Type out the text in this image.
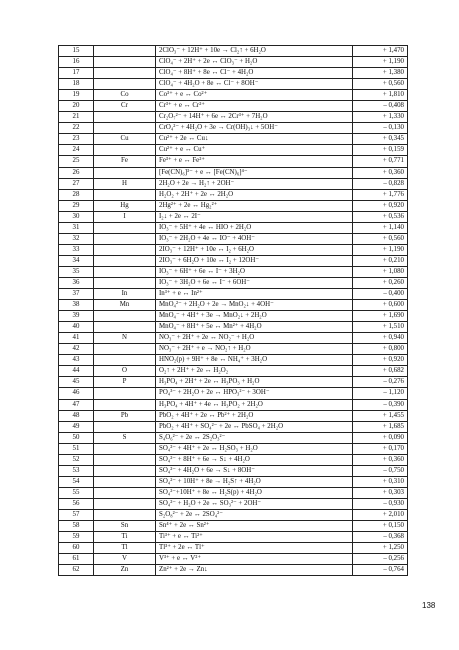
15		2ClO₃⁻ + 12H⁺ + 10e → Cl₂↑ + 6H₂O	+ 1,470
16		ClO₄⁻ + 2H⁺ + 2e ↔ ClO₃⁻ + H₂O	+ 1,190
17		ClO₄⁻ + 8H⁺ + 8e ↔ Cl⁻ + 4H₂O	+ 1,380
18		ClO₄⁻ + 4H₂O + 8e ↔ Cl⁻ + 8OH⁻	+ 0,560
19	Co	Co³⁺ + e ↔ Co²⁺	+ 1,810
20	Cr	Cr³⁺ + e ↔ Cr²⁺	– 0,408
21		Cr₂O₇²⁻ + 14H⁺ + 6e ↔ 2Cr³⁺ + 7H₂O	+ 1,330
22		CrO₄²⁻ + 4H₂O + 3e → Cr(OH)₃↓ + 5OH⁻	– 0,130
23	Cu	Cu²⁺ + 2e ↔ Cu↓	+ 0,345
24		Cu²⁺ + e ↔ Cu⁺	+ 0,159
25	Fe	Fe³⁺ + e ↔ Fe²⁺	+ 0,771
26		[Fe(CN)₆]³⁻ + e ↔ [Fe(CN)₆]⁴⁻	+ 0,360
27	H	2H₂O + 2e → H₂↑ + 2OH⁻	– 0,828
28		H₂O₂ + 2H⁺ + 2e ↔ 2H₂O	+ 1,776
29	Hg	2Hg²⁺ + 2e ↔ Hg₂²⁺	+ 0,920
30	I	I₂↓ + 2e ↔ 2I⁻	+ 0,536
31		IO₃⁻ + 5H⁺ + 4e ↔ HIO + 2H₂O	+ 1,140
32		IO₃⁻ + 2H₂O + 4e ↔ IO⁻ + 4OH⁻	+ 0,560
33		2IO₃⁻ + 12H⁺ + 10e ↔ I₂ + 6H₂O	+ 1,190
34		2IO₃⁻ + 6H₂O + 10e ↔ I₂ + 12OH⁻	+ 0,210
35		IO₃⁻ + 6H⁺ + 6e ↔ I⁻ + 3H₂O	+ 1,080
36		IO₃⁻ + 3H₂O + 6e ↔ I⁻ + 6OH⁻	+ 0,260
37	In	In³⁺ + e ↔ In²⁺	– 0,400
38	Mn	MnO₄²⁻ + 2H₂O + 2e → MnO₂↓ + 4OH⁻	+ 0,600
39		MnO₄⁻ + 4H⁺ + 3e → MnO₂↓ + 2H₂O	+ 1,690
40		MnO₄⁻ + 8H⁺ + 5e ↔ Mn²⁺ + 4H₂O	+ 1,510
41	N	NO₃⁻ + 2H⁺ + 2e ↔ NO₂⁻ + H₂O	+ 0,940
42		NO₃⁻ + 2H⁺ + e → NO₂↑ + H₂O	+ 0,800
43		HNO₂(p) + 9H⁺ + 8e ↔ NH₄⁺ + 3H₂O	+ 0,920
44	O	O₂↑ + 2H⁺ + 2e ↔ H₂O₂	+ 0,682
45	P	H₃PO₄ + 2H⁺ + 2e ↔ H₃PO₃ + H₂O	– 0,276
46		PO₄³⁻ + 2H₂O + 2e ↔ HPO₃²⁻ + 3OH⁻	– 1,120
47		H₃PO₄ + 4H⁺ + 4e ↔ H₃PO₂ + 2H₂O	– 0,390
48	Pb	PbO₂ + 4H⁺ + 2e ↔ Pb²⁺ + 2H₂O	+ 1,455
49		PbO₂ + 4H⁺ + SO₄²⁻ + 2e ↔ PbSO₄ + 2H₂O	+ 1,685
50	S	S₄O₆²⁻ + 2e ↔ 2S₂O₃²⁻	+ 0,090
51		SO₄²⁻ + 4H⁺ + 2e ↔ H₂SO₃ + H₂O	+ 0,170
52		SO₄²⁻ + 8H⁺ + 6e → S↓ + 4H₂O	+ 0,360
53		SO₄²⁻ + 4H₂O + 6e → S↓ + 8OH⁻	– 0,750
54		SO₄²⁻ + 10H⁺ + 8e → H₂S↑ + 4H₂O	+ 0,310
55		SO₄²⁻+10H⁺ + 8e ↔ H₂S(p) + 4H₂O	+ 0,303
56		SO₄²⁻ + H₂O + 2e ↔ SO₃²⁻ + 2OH⁻	– 0,930
57		S₂O₈²⁻ + 2e ↔ 2SO₄²⁻	+ 2,010
58	Sn	Sn⁴⁺ + 2e ↔ Sn²⁺	+ 0,150
59	Ti	Ti³⁺ + e ↔ Ti²⁺	– 0,368
60	Tl	Tl³⁺ + 2e ↔ Tl⁺	+ 1,250
61	V	V³⁺ + e ↔ V²⁺	– 0,256
62	Zn	Zn²⁺ + 2e → Zn↓	– 0,764
138
